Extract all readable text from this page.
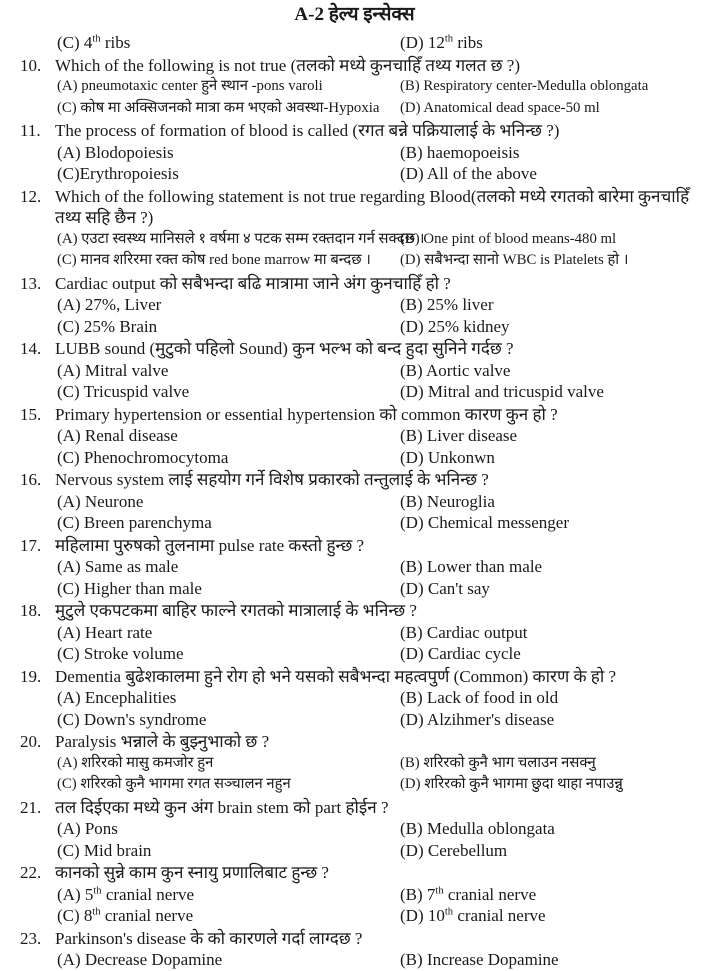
A-2 हेल्य इन्सेक्स
(C) 4th ribs	(D) 12th ribs
10. Which of the following is not true (तलको मध्ये कुनचाहिँ तथ्य गलत छ ?)
(A) pneumotaxic center हुने स्थान -pons varoli	(B) Respiratory center-Medulla oblongata
(C) कोष मा अक्सिजनको मात्रा कम भएको अवस्था-Hypoxia	(D) Anatomical dead space-50 ml
11. The process of formation of blood is called (रगत बन्ने पक्रियालाई के भनिन्छ ?)
(A) Blodopoiesis	(B) haemopoeisis
(C)Erythropoiesis	(D) All of the above
12. Which of the following statement is not true regarding Blood(तलको मध्ये रगतको बारेमा कुनचाहिँ तथ्य सहि छैन ?)
(A) एउटा स्वस्थ्य मानिसले १ वर्षमा ४ पटक सम्म रक्तदान गर्न सक्दछ ।
(B) One pint of blood means-480 ml
(C) मानव शरिरमा रक्त कोष red bone marrow मा बन्दछ ।	(D) सबैभन्दा सानो WBC is Platelets हो ।
13. Cardiac output को सबैभन्दा बढि मात्रामा जाने अंग कुनचाहिँ हो ?
(A) 27%, Liver	(B) 25% liver
(C) 25% Brain	(D) 25% kidney
14. LUBB sound (मुटुको पहिलो Sound) कुन भल्भ को बन्द हुदा सुनिने गर्दछ ?
(A) Mitral valve	(B) Aortic valve
(C) Tricuspid valve	(D) Mitral and tricuspid valve
15. Primary hypertension or essential hypertension को common कारण कुन हो ?
(A) Renal disease	(B) Liver disease
(C) Phenochromocytoma	(D) Unkonwn
16. Nervous system लाई सहयोग गर्ने विशेष प्रकारको तन्तुलाई के भनिन्छ ?
(A) Neurone	(B) Neuroglia
(C) Breen parenchyma	(D) Chemical messenger
17. महिलामा पुरुषको तुलनामा pulse rate कस्तो हुन्छ ?
(A) Same as male	(B) Lower than male
(C) Higher than male	(D) Can't say
18. मुटुले एकपटकमा बाहिर फाल्ने रगतको मात्रालाई के भनिन्छ ?
(A) Heart rate	(B) Cardiac output
(C) Stroke volume	(D) Cardiac cycle
19. Dementia बुढेशकालमा हुने रोग हो भने यसको सबैभन्दा महत्वपुर्ण (Common) कारण के हो ?
(A) Encephalities	(B) Lack of food in old
(C) Down's syndrome	(D) Alzihmer's disease
20. Paralysis भन्नाले के बुझ्नुभाको छ ?
(A) शरिरको मासु कमजोर हुन	(B) शरिरको कुनै भाग चलाउन नसक्नु
(C) शरिरको कुनै भागमा रगत सञ्चालन नहुन	(D) शरिरको कुनै भागमा छुदा थाहा नपाउन्नु
21. तल दिईएका मध्ये कुन अंग brain stem को part होईन ?
(A) Pons	(B) Medulla oblongata
(C) Mid brain	(D) Cerebellum
22. कानको सुन्ने काम कुन स्नायु प्रणालिबाट हुन्छ ?
(A) 5th cranial nerve	(B) 7th cranial nerve
(C) 8th cranial nerve	(D) 10th cranial nerve
23. Parkinson's disease के को कारणले गर्दा लाग्दछ ?
(A) Decrease Dopamine	(B) Increase Dopamine
